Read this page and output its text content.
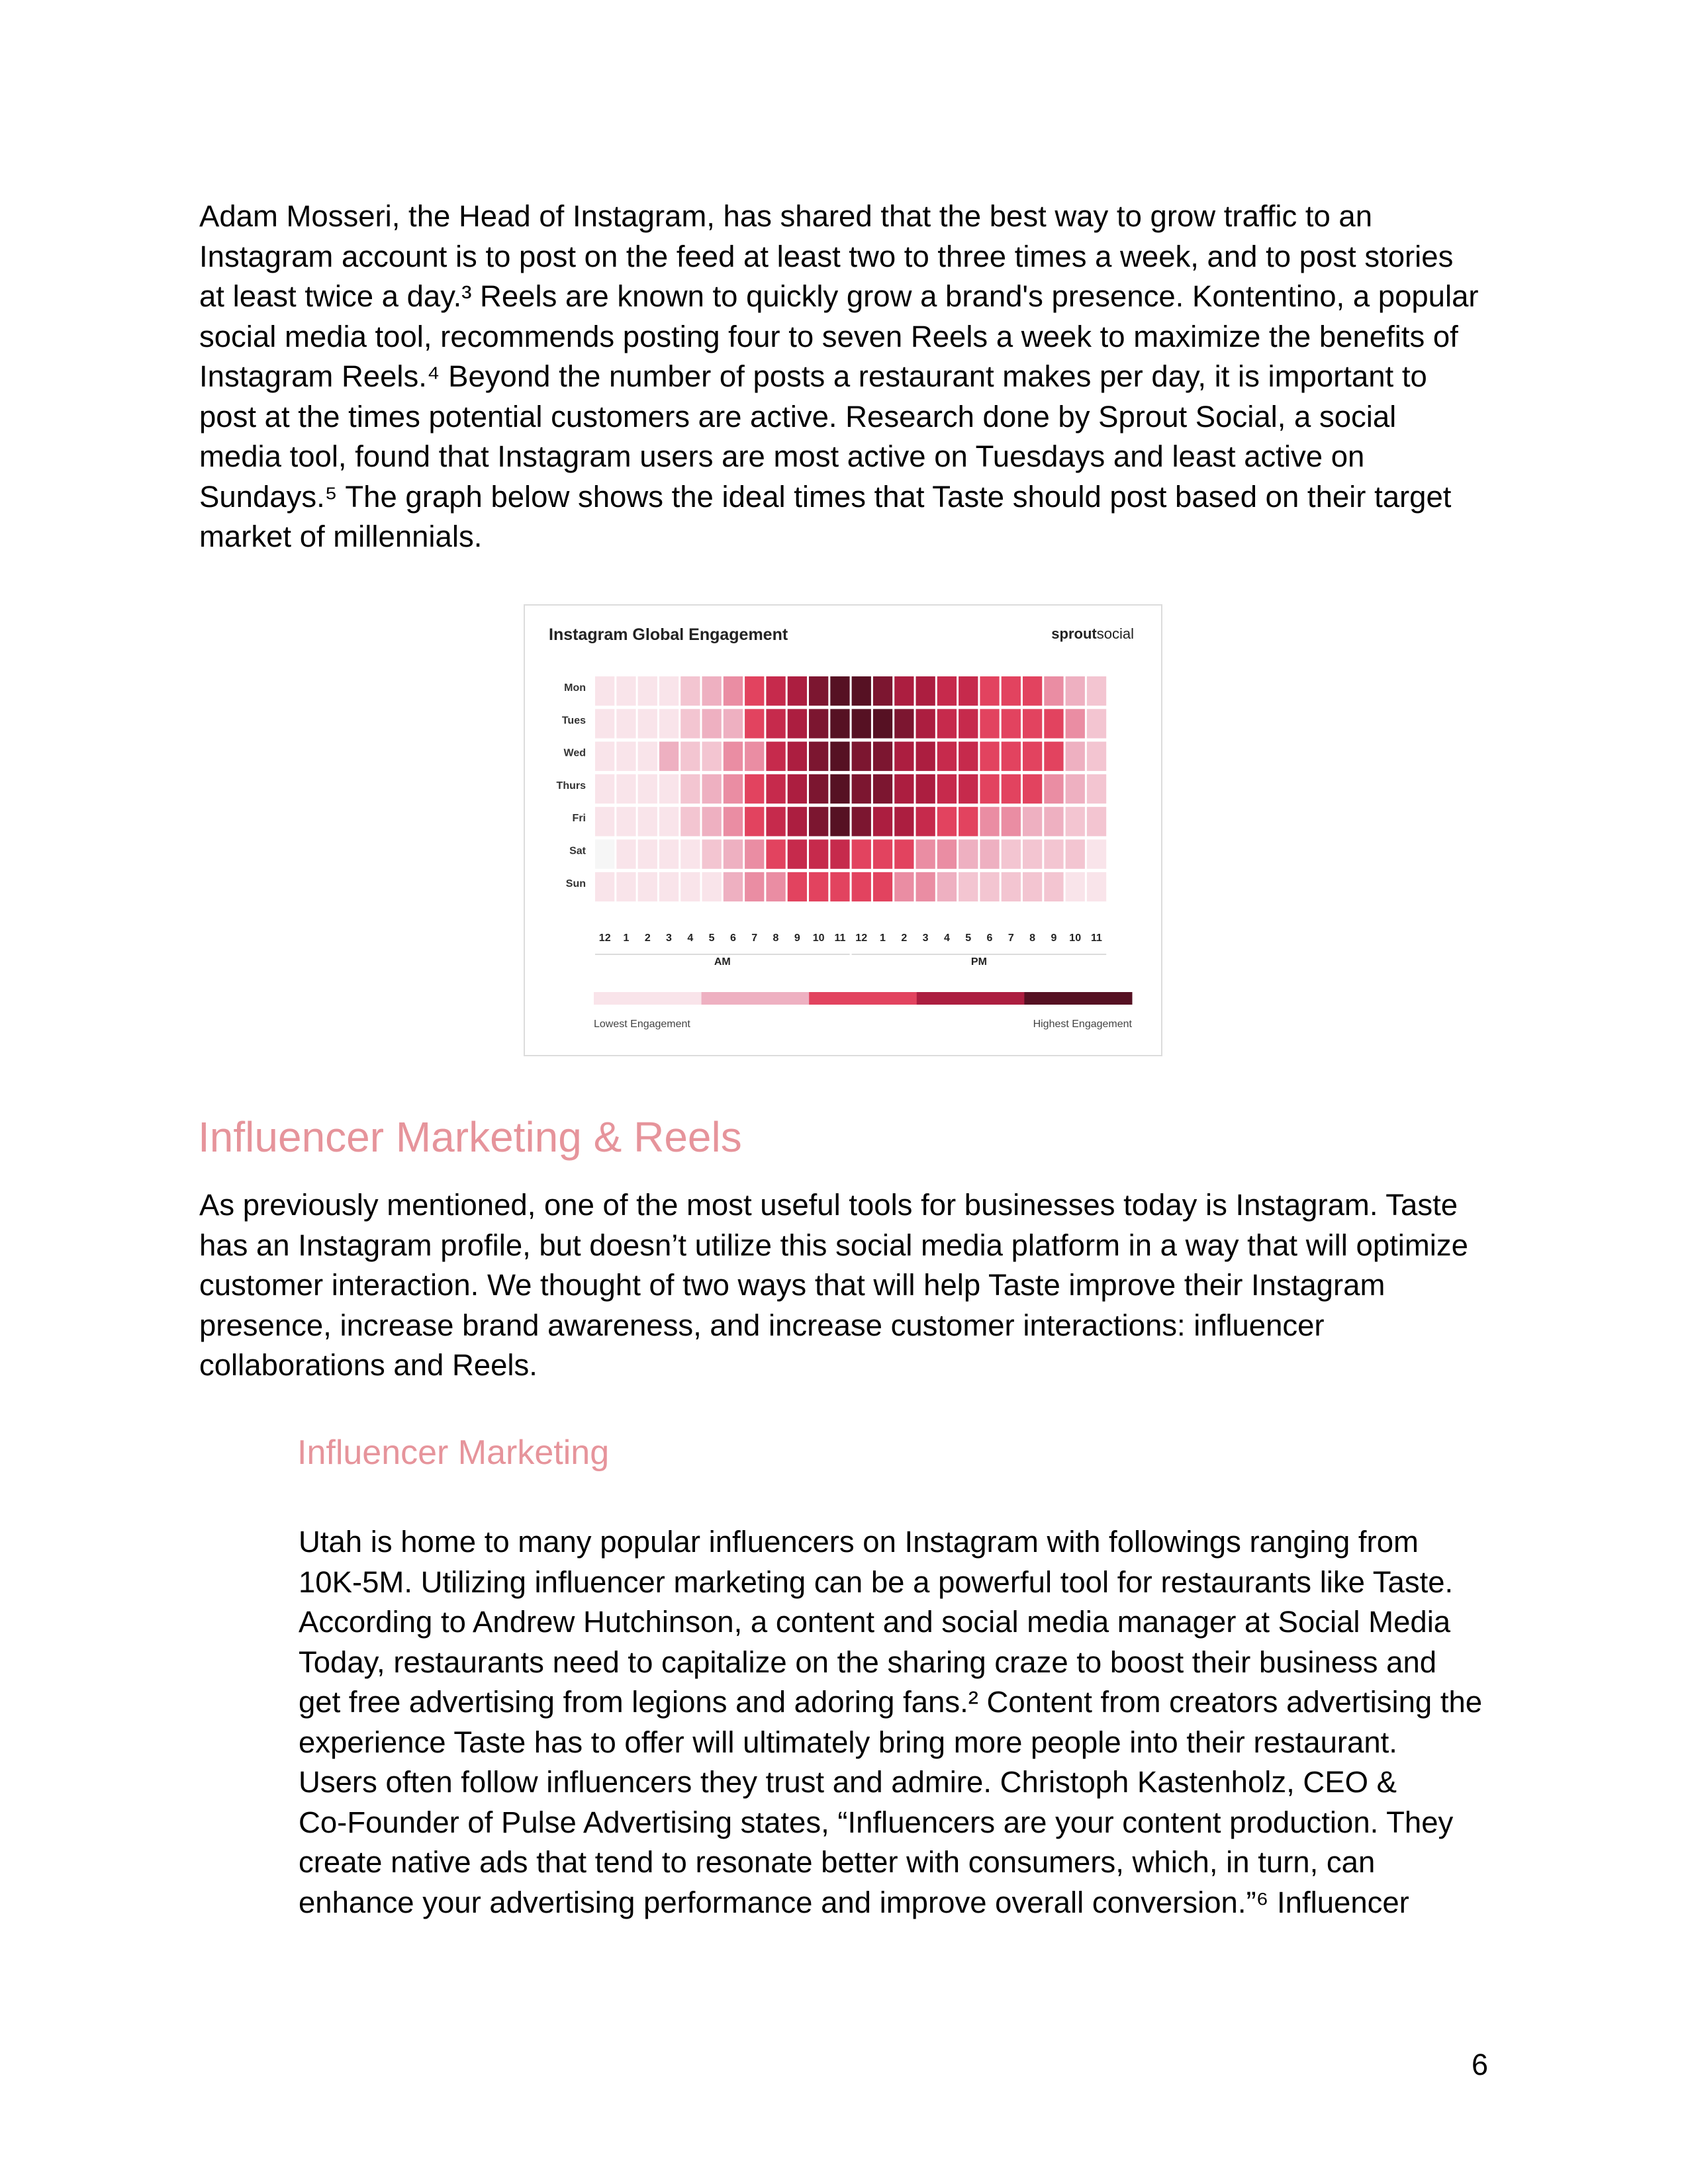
Adam Mosseri, the Head of Instagram, has shared that the best way to grow traffic to an
Instagram account is to post on the feed at least two to three times a week, and to post stories
at least twice a day.³ Reels are known to quickly grow a brand's presence. Kontentino, a popular
social media tool, recommends posting four to seven Reels a week to maximize the benefits of
Instagram Reels.⁴ Beyond the number of posts a restaurant makes per day, it is important to
post at the times potential customers are active. Research done by Sprout Social, a social
media tool, found that Instagram users are most active on Tuesdays and least active on
Sundays.⁵ The graph below shows the ideal times that Taste should post based on their target
market of millennials.
Instagram Global Engagement	sproutsocial
Mon
Tues
Wed
Thurs
Fri
Sat
Sun
12 1 2 3 4 5 6 7 8 9 10 11 12 1 2 3 4 5 6 7 8 9 10 11
AM	PM
Lowest Engagement	Highest Engagement
Influencer Marketing & Reels
As previously mentioned, one of the most useful tools for businesses today is Instagram. Taste
has an Instagram profile, but doesn’t utilize this social media platform in a way that will optimize
customer interaction. We thought of two ways that will help Taste improve their Instagram
presence, increase brand awareness, and increase customer interactions: influencer
collaborations and Reels.
Influencer Marketing
Utah is home to many popular influencers on Instagram with followings ranging from
10K-5M. Utilizing influencer marketing can be a powerful tool for restaurants like Taste.
According to Andrew Hutchinson, a content and social media manager at Social Media
Today, restaurants need to capitalize on the sharing craze to boost their business and
get free advertising from legions and adoring fans.² Content from creators advertising the
experience Taste has to offer will ultimately bring more people into their restaurant.
Users often follow influencers they trust and admire. Christoph Kastenholz, CEO &
Co-Founder of Pulse Advertising states, “Influencers are your content production. They
create native ads that tend to resonate better with consumers, which, in turn, can
enhance your advertising performance and improve overall conversion.”⁶ Influencer
6
